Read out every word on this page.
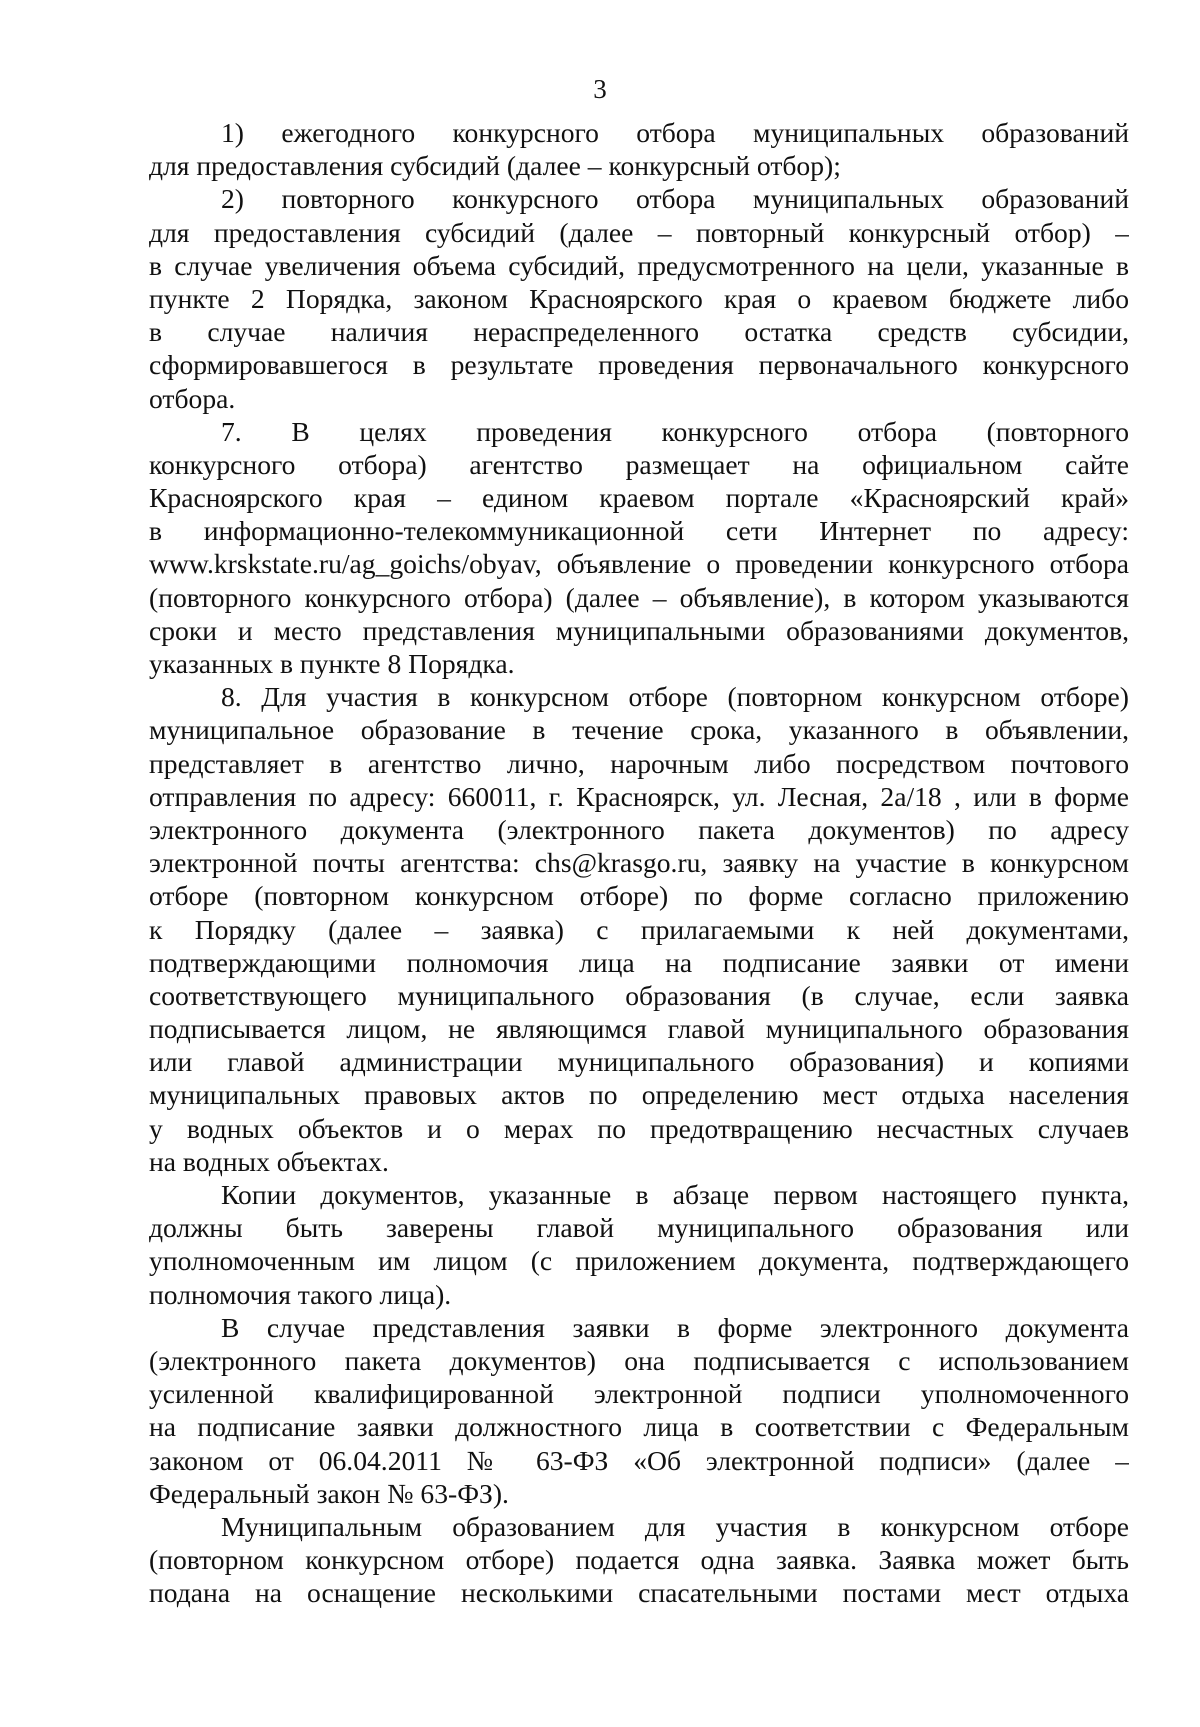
3
1) ежегодного конкурсного отбора муниципальных образований
для предоставления субсидий (далее – конкурсный отбор);
2) повторного конкурсного отбора муниципальных образований
для предоставления субсидий (далее – повторный конкурсный отбор) –
в случае увеличения объема субсидий, предусмотренного на цели, указанные в
пункте 2 Порядка, законом Красноярского края о краевом бюджете либо
в случае наличия нераспределенного остатка средств субсидии,
сформировавшегося в результате проведения первоначального конкурсного
отбора.
7. В целях проведения конкурсного отбора (повторного
конкурсного отбора) агентство размещает на официальном сайте
Красноярского края – едином краевом портале «Красноярский край»
в информационно-телекоммуникационной сети Интернет по адресу:
www.krskstate.ru/ag_goichs/obyav, объявление о проведении конкурсного отбора
(повторного конкурсного отбора) (далее – объявление), в котором указываются
сроки и место представления муниципальными образованиями документов,
указанных в пункте 8 Порядка.
8. Для участия в конкурсном отборе (повторном конкурсном отборе)
муниципальное образование в течение срока, указанного в объявлении,
представляет в агентство лично, нарочным либо посредством почтового
отправления по адресу: 660011, г. Красноярск, ул. Лесная, 2а/18 , или в форме
электронного документа (электронного пакета документов) по адресу
электронной почты агентства: chs@krasgo.ru, заявку на участие в конкурсном
отборе (повторном конкурсном отборе) по форме согласно приложению
к Порядку (далее – заявка) с прилагаемыми к ней документами,
подтверждающими полномочия лица на подписание заявки от имени
соответствующего муниципального образования (в случае, если заявка
подписывается лицом, не являющимся главой муниципального образования
или главой администрации муниципального образования) и копиями
муниципальных правовых актов по определению мест отдыха населения
у водных объектов и о мерах по предотвращению несчастных случаев
на водных объектах.
Копии документов, указанные в абзаце первом настоящего пункта,
должны быть заверены главой муниципального образования или
уполномоченным им лицом (с приложением документа, подтверждающего
полномочия такого лица).
В случае представления заявки в форме электронного документа
(электронного пакета документов) она подписывается с использованием
усиленной квалифицированной электронной подписи уполномоченного
на подписание заявки должностного лица в соответствии с Федеральным
законом от 06.04.2011 № 63-ФЗ «Об электронной подписи» (далее –
Федеральный закон № 63-ФЗ).
Муниципальным образованием для участия в конкурсном отборе
(повторном конкурсном отборе) подается одна заявка. Заявка может быть
подана на оснащение несколькими спасательными постами мест отдыха
